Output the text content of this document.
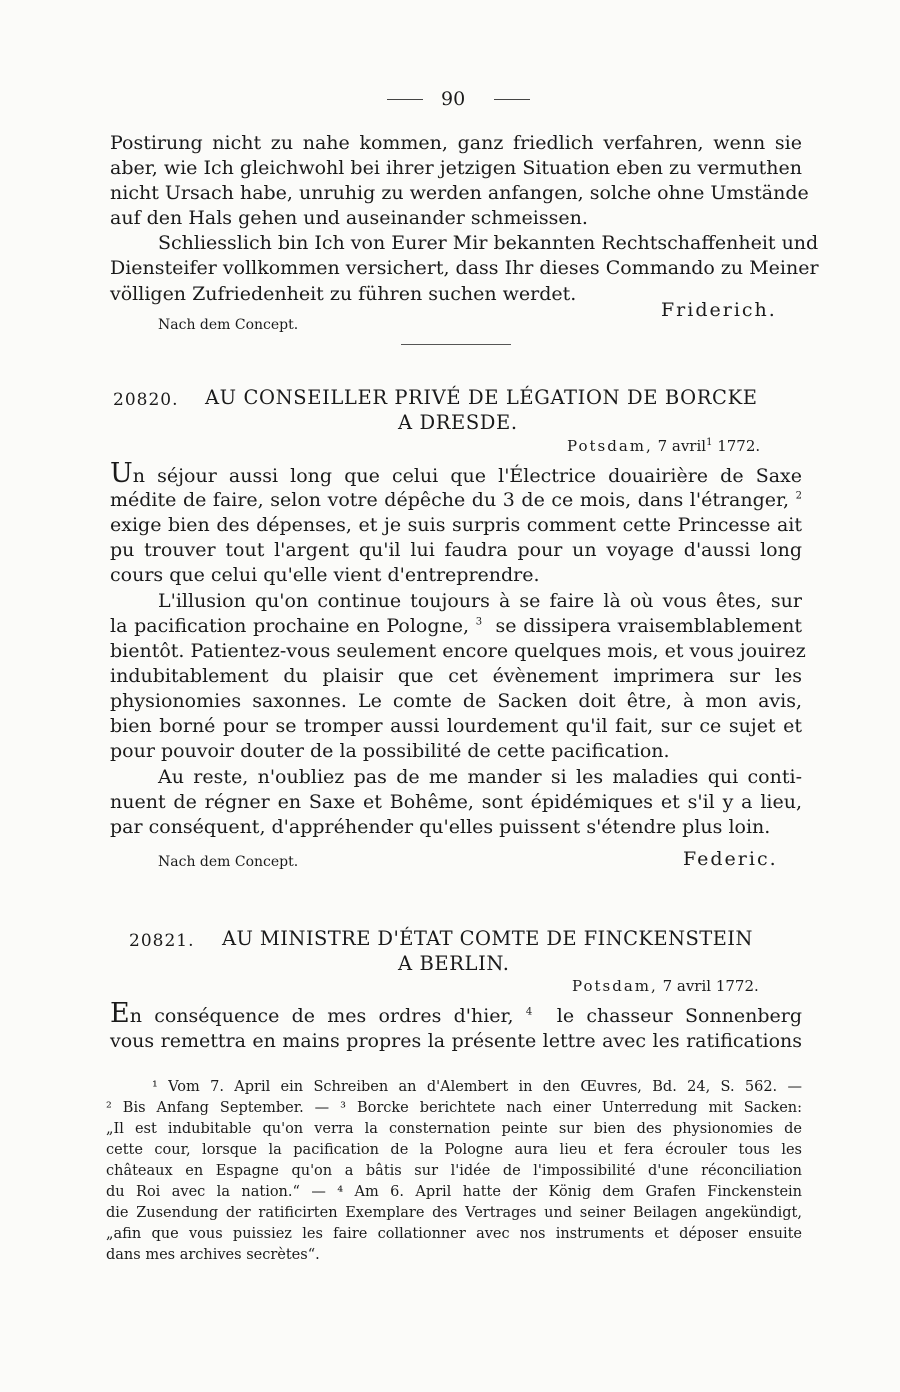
90
Postirung nicht zu nahe kommen, ganz friedlich verfahren, wenn sie
aber, wie Ich gleichwohl bei ihrer jetzigen Situation eben zu vermuthen
nicht Ursach habe, unruhig zu werden anfangen, solche ohne Umstände
auf den Hals gehen und auseinander schmeissen.
Schliesslich bin Ich von Eurer Mir bekannten Rechtschaffenheit und
Diensteifer vollkommen versichert, dass Ihr dieses Commando zu Meiner
völligen Zufriedenheit zu führen suchen werdet.
Friderich.
Nach dem Concept.
20820. AU CONSEILLER PRIVÉ DE LÉGATION DE BORCKE
A DRESDE.
Potsdam, 7 avril$^1$ 1772.
Un séjour aussi long que celui que l'Électrice douairière de Saxe
médite de faire, selon votre dépêche du 3 de ce mois, dans l'étranger, $^2$
exige bien des dépenses, et je suis surpris comment cette Princesse ait
pu trouver tout l'argent qu'il lui faudra pour un voyage d'aussi long
cours que celui qu'elle vient d'entreprendre.
L'illusion qu'on continue toujours à se faire là où vous êtes, sur
la pacification prochaine en Pologne, $^3$ se dissipera vraisemblablement
bientôt. Patientez-vous seulement encore quelques mois, et vous jouirez
indubitablement du plaisir que cet évènement imprimera sur les
physionomies saxonnes. Le comte de Sacken doit être, à mon avis,
bien borné pour se tromper aussi lourdement qu'il fait, sur ce sujet et
pour pouvoir douter de la possibilité de cette pacification.
Au reste, n'oubliez pas de me mander si les maladies qui conti-
nuent de régner en Saxe et Bohême, sont épidémiques et s'il y a lieu,
par conséquent, d'appréhender qu'elles puissent s'étendre plus loin.
Nach dem Concept.	Federic.
20821. AU MINISTRE D'ÉTAT COMTE DE FINCKENSTEIN
A BERLIN.
Potsdam, 7 avril 1772.
En conséquence de mes ordres d'hier, $^4$ le chasseur Sonnenberg
vous remettra en mains propres la présente lettre avec les ratifications
¹ Vom 7. April ein Schreiben an d'Alembert in den Œuvres, Bd. 24, S. 562. —
² Bis Anfang September. — ³ Borcke berichtete nach einer Unterredung mit Sacken:
„Il est indubitable qu'on verra la consternation peinte sur bien des physionomies de
cette cour, lorsque la pacification de la Pologne aura lieu et fera écrouler tous les
châteaux en Espagne qu'on a bâtis sur l'idée de l'impossibilité d'une réconciliation
du Roi avec la nation.“ — ⁴ Am 6. April hatte der König dem Grafen Finckenstein
die Zusendung der ratificirten Exemplare des Vertrages und seiner Beilagen angekündigt,
„afin que vous puissiez les faire collationner avec nos instruments et déposer ensuite
dans mes archives secrètes“.
